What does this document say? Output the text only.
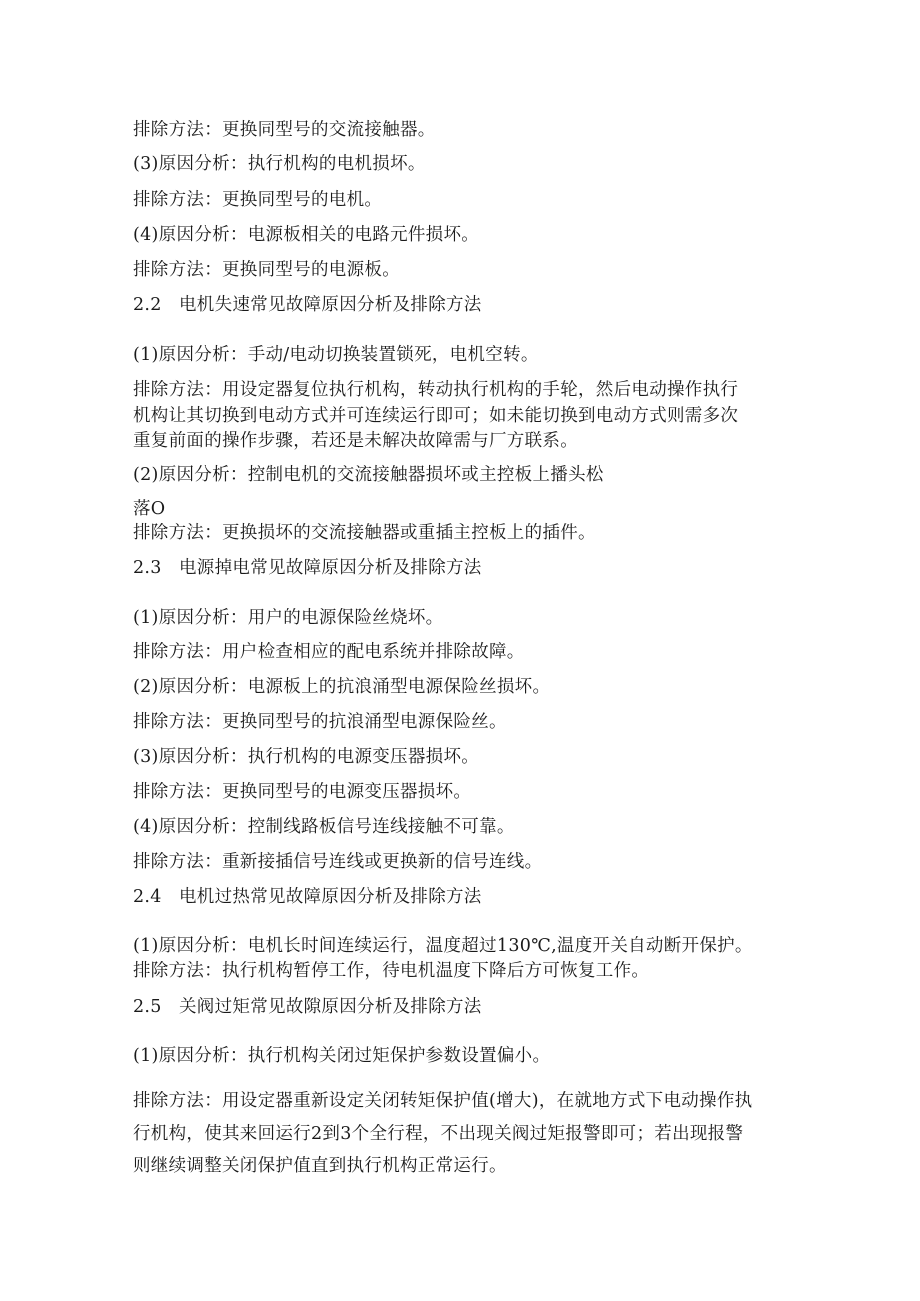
排除方法：更换同型号的交流接触器。
(3)原因分析：执行机构的电机损坏。
排除方法：更换同型号的电机。
(4)原因分析：电源板相关的电路元件损坏。
排除方法：更换同型号的电源板。
2.2 电机失速常见故障原因分析及排除方法
(1)原因分析：手动/电动切换装置锁死，电机空转。
排除方法：用设定器复位执行机构，转动执行机构的手轮，然后电动操作执行
机构让其切换到电动方式并可连续运行即可；如未能切换到电动方式则需多次
重复前面的操作步骤，若还是未解决故障需与厂方联系。
(2)原因分析：控制电机的交流接触器损坏或主控板上播头松
落O
排除方法：更换损坏的交流接触器或重插主控板上的插件。
2.3 电源掉电常见故障原因分析及排除方法
(1)原因分析：用户的电源保险丝烧坏。
排除方法：用户检查相应的配电系统并排除故障。
(2)原因分析：电源板上的抗浪涌型电源保险丝损坏。
排除方法：更换同型号的抗浪涌型电源保险丝。
(3)原因分析：执行机构的电源变压器损坏。
排除方法：更换同型号的电源变压器损坏。
(4)原因分析：控制线路板信号连线接触不可靠。
排除方法：重新接插信号连线或更换新的信号连线。
2.4 电机过热常见故障原因分析及排除方法
(1)原因分析：电机长时间连续运行，温度超过130℃,温度开关自动断开保护。
排除方法：执行机构暂停工作，待电机温度下降后方可恢复工作。
2.5 关阀过矩常见故隙原因分析及排除方法
(1)原因分析：执行机构关闭过矩保护参数设置偏小。
排除方法：用设定器重新设定关闭转矩保护值(增大)，在就地方式下电动操作执
行机构，使其来回运行2到3个全行程，不出现关阀过矩报警即可；若出现报警
则继续调整关闭保护值直到执行机构正常运行。
